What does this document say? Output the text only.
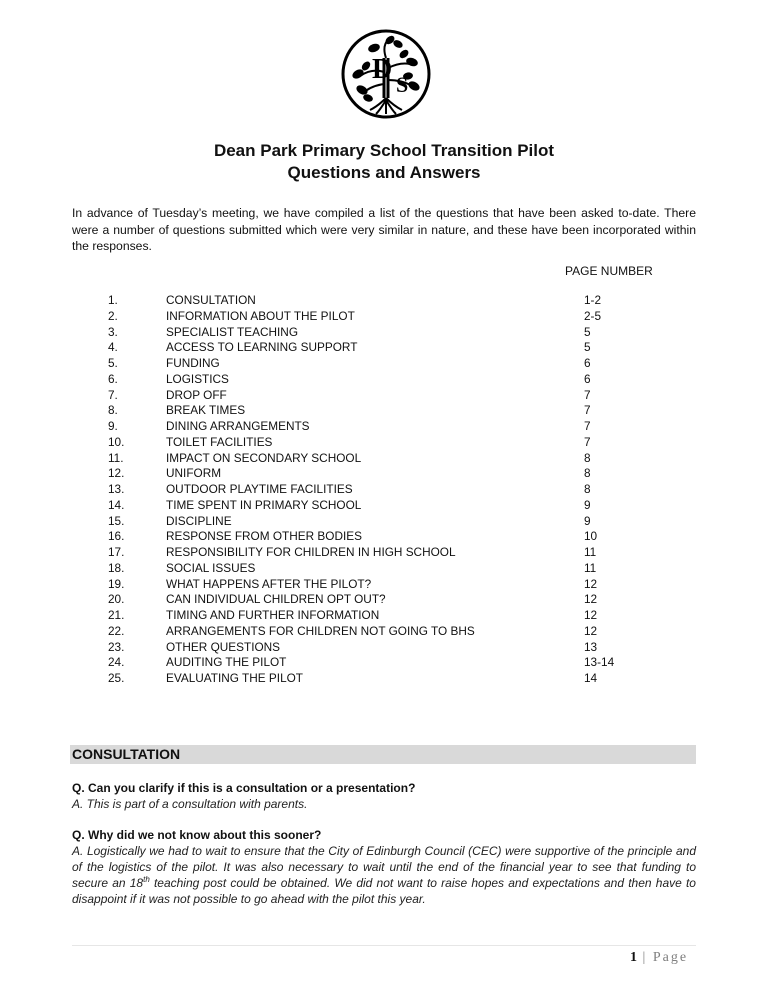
D S
Dean Park Primary School Transition Pilot
Questions and Answers
In advance of Tuesday’s meeting, we have compiled a list of the questions that have been asked to-date. There were a number of questions submitted which were very similar in nature, and these have been incorporated within the responses.
PAGE NUMBER
1.	CONSULTATION	1-2
2.	INFORMATION ABOUT THE PILOT	2-5
3.	SPECIALIST TEACHING	5
4.	ACCESS TO LEARNING SUPPORT	5
5.	FUNDING	6
6.	LOGISTICS	6
7.	DROP OFF	7
8.	BREAK TIMES	7
9.	DINING ARRANGEMENTS	7
10.	TOILET FACILITIES	7
11.	IMPACT ON SECONDARY SCHOOL	8
12.	UNIFORM	8
13.	OUTDOOR PLAYTIME FACILITIES	8
14.	TIME SPENT IN PRIMARY SCHOOL	9
15.	DISCIPLINE	9
16.	RESPONSE FROM OTHER BODIES	10
17.	RESPONSIBILITY FOR CHILDREN IN HIGH SCHOOL	11
18.	SOCIAL ISSUES	11
19.	WHAT HAPPENS AFTER THE PILOT?	12
20.	CAN INDIVIDUAL CHILDREN OPT OUT?	12
21.	TIMING AND FURTHER INFORMATION	12
22.	ARRANGEMENTS FOR CHILDREN NOT GOING TO BHS	12
23.	OTHER QUESTIONS	13
24.	AUDITING THE PILOT	13-14
25.	EVALUATING THE PILOT	14
CONSULTATION
Q. Can you clarify if this is a consultation or a presentation?
A. This is part of a consultation with parents.
Q. Why did we not know about this sooner?
A. Logistically we had to wait to ensure that the City of Edinburgh Council (CEC) were supportive of the principle and of the logistics of the pilot. It was also necessary to wait until the end of the financial year to see that funding to secure an 18th teaching post could be obtained. We did not want to raise hopes and expectations and then have to disappoint if it was not possible to go ahead with the pilot this year.
1 | Page
